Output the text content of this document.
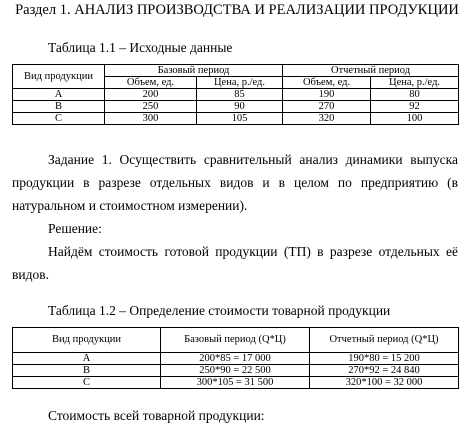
Раздел 1. АНАЛИЗ ПРОИЗВОДСТВА И РЕАЛИЗАЦИИ ПРОДУКЦИИ
Таблица 1.1 – Исходные данные
Вид продукции	Базовый период		Отчетный период	
	Объем, ед.	Цена, р./ед.	Объем, ед.	Цена, р./ед.
А	200	85	190	80
В	250	90	270	92
С	300	105	320	100
Задание 1. Осуществить сравнительный анализ динамики выпуска
продукции в разрезе отдельных видов и в целом по предприятию (в
натуральном и стоимостном измерении).
Решение:
Найдём стоимость готовой продукции (ТП) в разрезе отдельных её
видов.
Таблица 1.2 – Определение стоимости товарной продукции
Вид продукции	Базовый период (Q*Ц)	Отчетный период (Q*Ц)
А	200*85 = 17 000	190*80 = 15 200
В	250*90 = 22 500	270*92 = 24 840
С	300*105 = 31 500	320*100 = 32 000
Стоимость всей товарной продукции:
